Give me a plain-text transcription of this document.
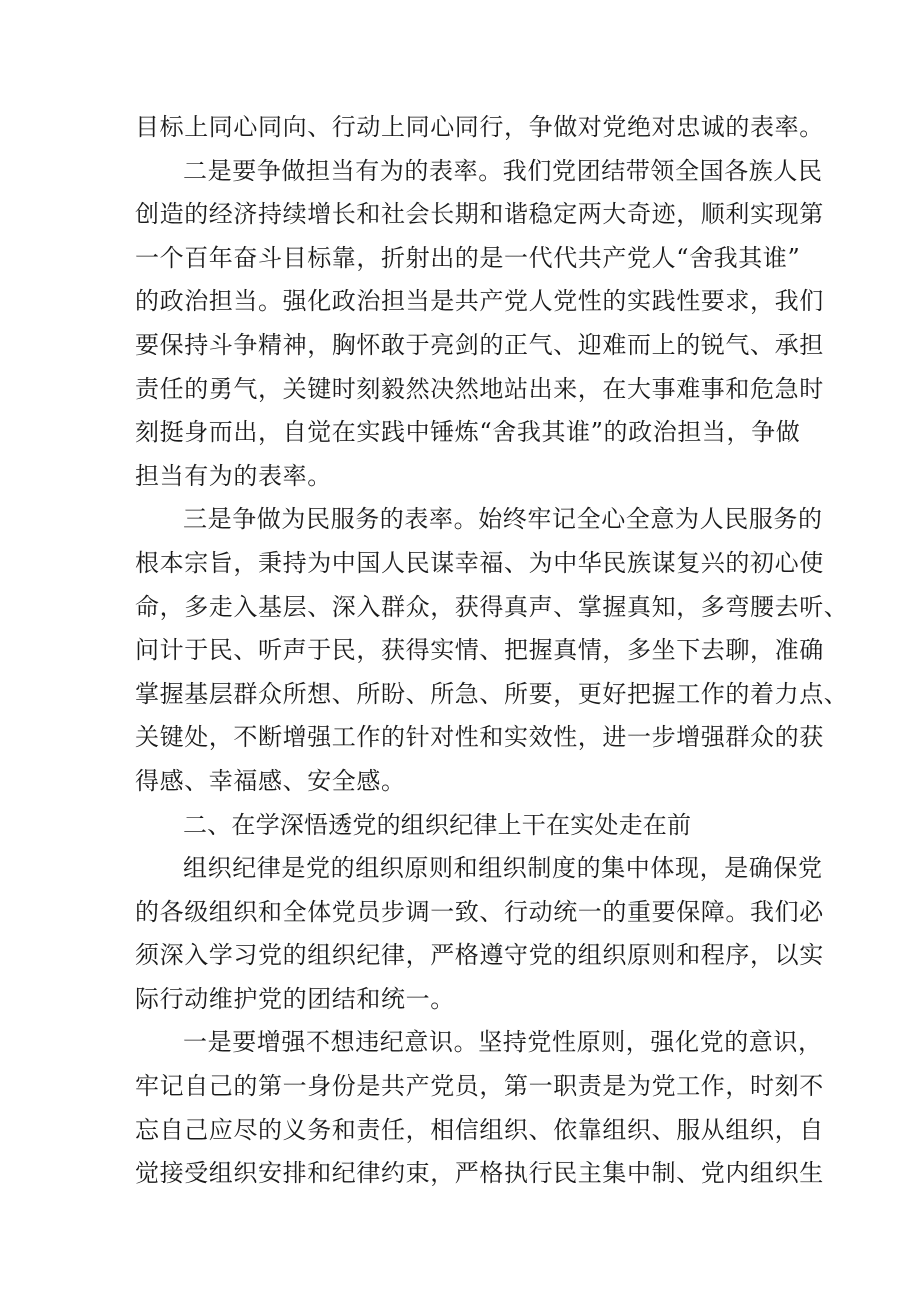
目标上同心同向、行动上同心同行，争做对党绝对忠诚的表率。
二是要争做担当有为的表率。我们党团结带领全国各族人民
创造的经济持续增长和社会长期和谐稳定两大奇迹，顺利实现第
一个百年奋斗目标靠，折射出的是一代代共产党人“舍我其谁”
的政治担当。强化政治担当是共产党人党性的实践性要求，我们
要保持斗争精神，胸怀敢于亮剑的正气、迎难而上的锐气、承担
责任的勇气，关键时刻毅然决然地站出来，在大事难事和危急时
刻挺身而出，自觉在实践中锤炼“舍我其谁”的政治担当，争做
担当有为的表率。
三是争做为民服务的表率。始终牢记全心全意为人民服务的
根本宗旨，秉持为中国人民谋幸福、为中华民族谋复兴的初心使
命，多走入基层、深入群众，获得真声、掌握真知，多弯腰去听、
问计于民、听声于民，获得实情、把握真情，多坐下去聊，准确
掌握基层群众所想、所盼、所急、所要，更好把握工作的着力点、
关键处，不断增强工作的针对性和实效性，进一步增强群众的获
得感、幸福感、安全感。
二、在学深悟透党的组织纪律上干在实处走在前
组织纪律是党的组织原则和组织制度的集中体现，是确保党
的各级组织和全体党员步调一致、行动统一的重要保障。我们必
须深入学习党的组织纪律，严格遵守党的组织原则和程序，以实
际行动维护党的团结和统一。
一是要增强不想违纪意识。坚持党性原则，强化党的意识，
牢记自己的第一身份是共产党员，第一职责是为党工作，时刻不
忘自己应尽的义务和责任，相信组织、依靠组织、服从组织，自
觉接受组织安排和纪律约束，严格执行民主集中制、党内组织生
